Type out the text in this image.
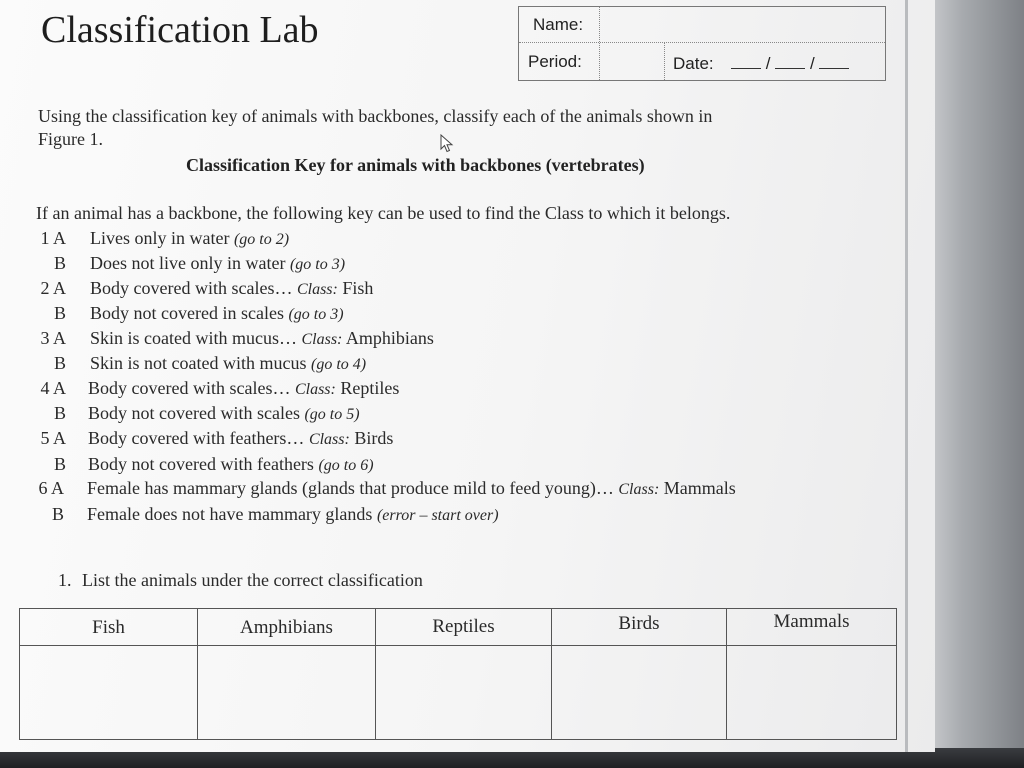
Classification Lab	Name:
Period:	Date:	/ /
Using the classification key of animals with backbones, classify each of the animals shown in
Figure 1.
Classification Key for animals with backbones (vertebrates)
If an animal has a backbone, the following key can be used to find the Class to which it belongs.
1 A Lives only in water (go to 2)
B Does not live only in water (go to 3)
2 A Body covered with scales… Class: Fish
B Body not covered in scales (go to 3)
3 A Skin is coated with mucus… Class: Amphibians
B Skin is not coated with mucus (go to 4)
4 A Body covered with scales… Class: Reptiles
B Body not covered with scales (go to 5)
5 A Body covered with feathers… Class: Birds
B Body not covered with feathers (go to 6)
6 A Female has mammary glands (glands that produce mild to feed young)… Class: Mammals
B Female does not have mammary glands (error – start over)
1. List the animals under the correct classification
Fish	Amphibians	Reptiles	Birds	Mammals
